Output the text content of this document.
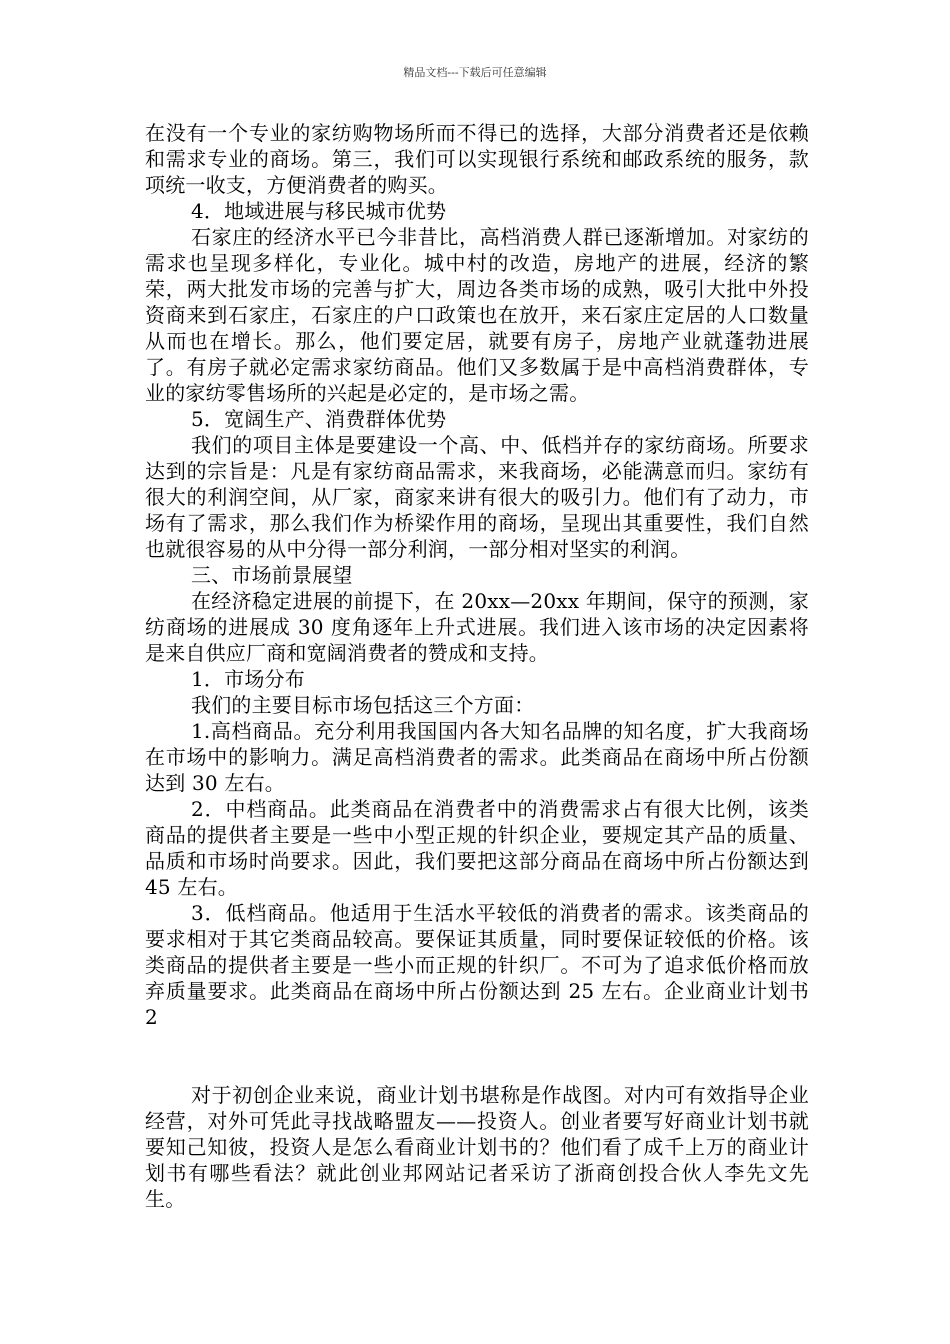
精品文档---下载后可任意编辑

在没有一个专业的家纺购物场所而不得已的选择，大部分消费者还是依赖和需求专业的商场。第三，我们可以实现银行系统和邮政系统的服务，款项统一收支，方便消费者的购买。

4．地域进展与移民城市优势

石家庄的经济水平已今非昔比，高档消费人群已逐渐增加。对家纺的需求也呈现多样化，专业化。城中村的改造，房地产的进展，经济的繁荣，两大批发市场的完善与扩大，周边各类市场的成熟，吸引大批中外投资商来到石家庄，石家庄的户口政策也在放开，来石家庄定居的人口数量从而也在增长。那么，他们要定居，就要有房子，房地产业就蓬勃进展了。有房子就必定需求家纺商品。他们又多数属于是中高档消费群体，专业的家纺零售场所的兴起是必定的，是市场之需。

5．宽阔生产、消费群体优势

我们的项目主体是要建设一个高、中、低档并存的家纺商场。所要求达到的宗旨是：凡是有家纺商品需求，来我商场，必能满意而归。家纺有很大的利润空间，从厂家，商家来讲有很大的吸引力。他们有了动力，市场有了需求，那么我们作为桥梁作用的商场，呈现出其重要性，我们自然也就很容易的从中分得一部分利润，一部分相对坚实的利润。

三、市场前景展望

在经济稳定进展的前提下，在 20xx—20xx 年期间，保守的预测，家纺商场的进展成 30 度角逐年上升式进展。我们进入该市场的决定因素将是来自供应厂商和宽阔消费者的赞成和支持。

1．市场分布

我们的主要目标市场包括这三个方面：

1.高档商品。充分利用我国国内各大知名品牌的知名度，扩大我商场在市场中的影响力。满足高档消费者的需求。此类商品在商场中所占份额达到 30 左右。

2．中档商品。此类商品在消费者中的消费需求占有很大比例，该类商品的提供者主要是一些中小型正规的针织企业，要规定其产品的质量、品质和市场时尚要求。因此，我们要把这部分商品在商场中所占份额达到 45 左右。

3．低档商品。他适用于生活水平较低的消费者的需求。该类商品的要求相对于其它类商品较高。要保证其质量，同时要保证较低的价格。该类商品的提供者主要是一些小而正规的针织厂。不可为了追求低价格而放弃质量要求。此类商品在商场中所占份额达到 25 左右。企业商业计划书 2

对于初创企业来说，商业计划书堪称是作战图。对内可有效指导企业经营，对外可凭此寻找战略盟友——投资人。创业者要写好商业计划书就要知己知彼，投资人是怎么看商业计划书的？他们看了成千上万的商业计划书有哪些看法？就此创业邦网站记者采访了浙商创投合伙人李先文先生。
